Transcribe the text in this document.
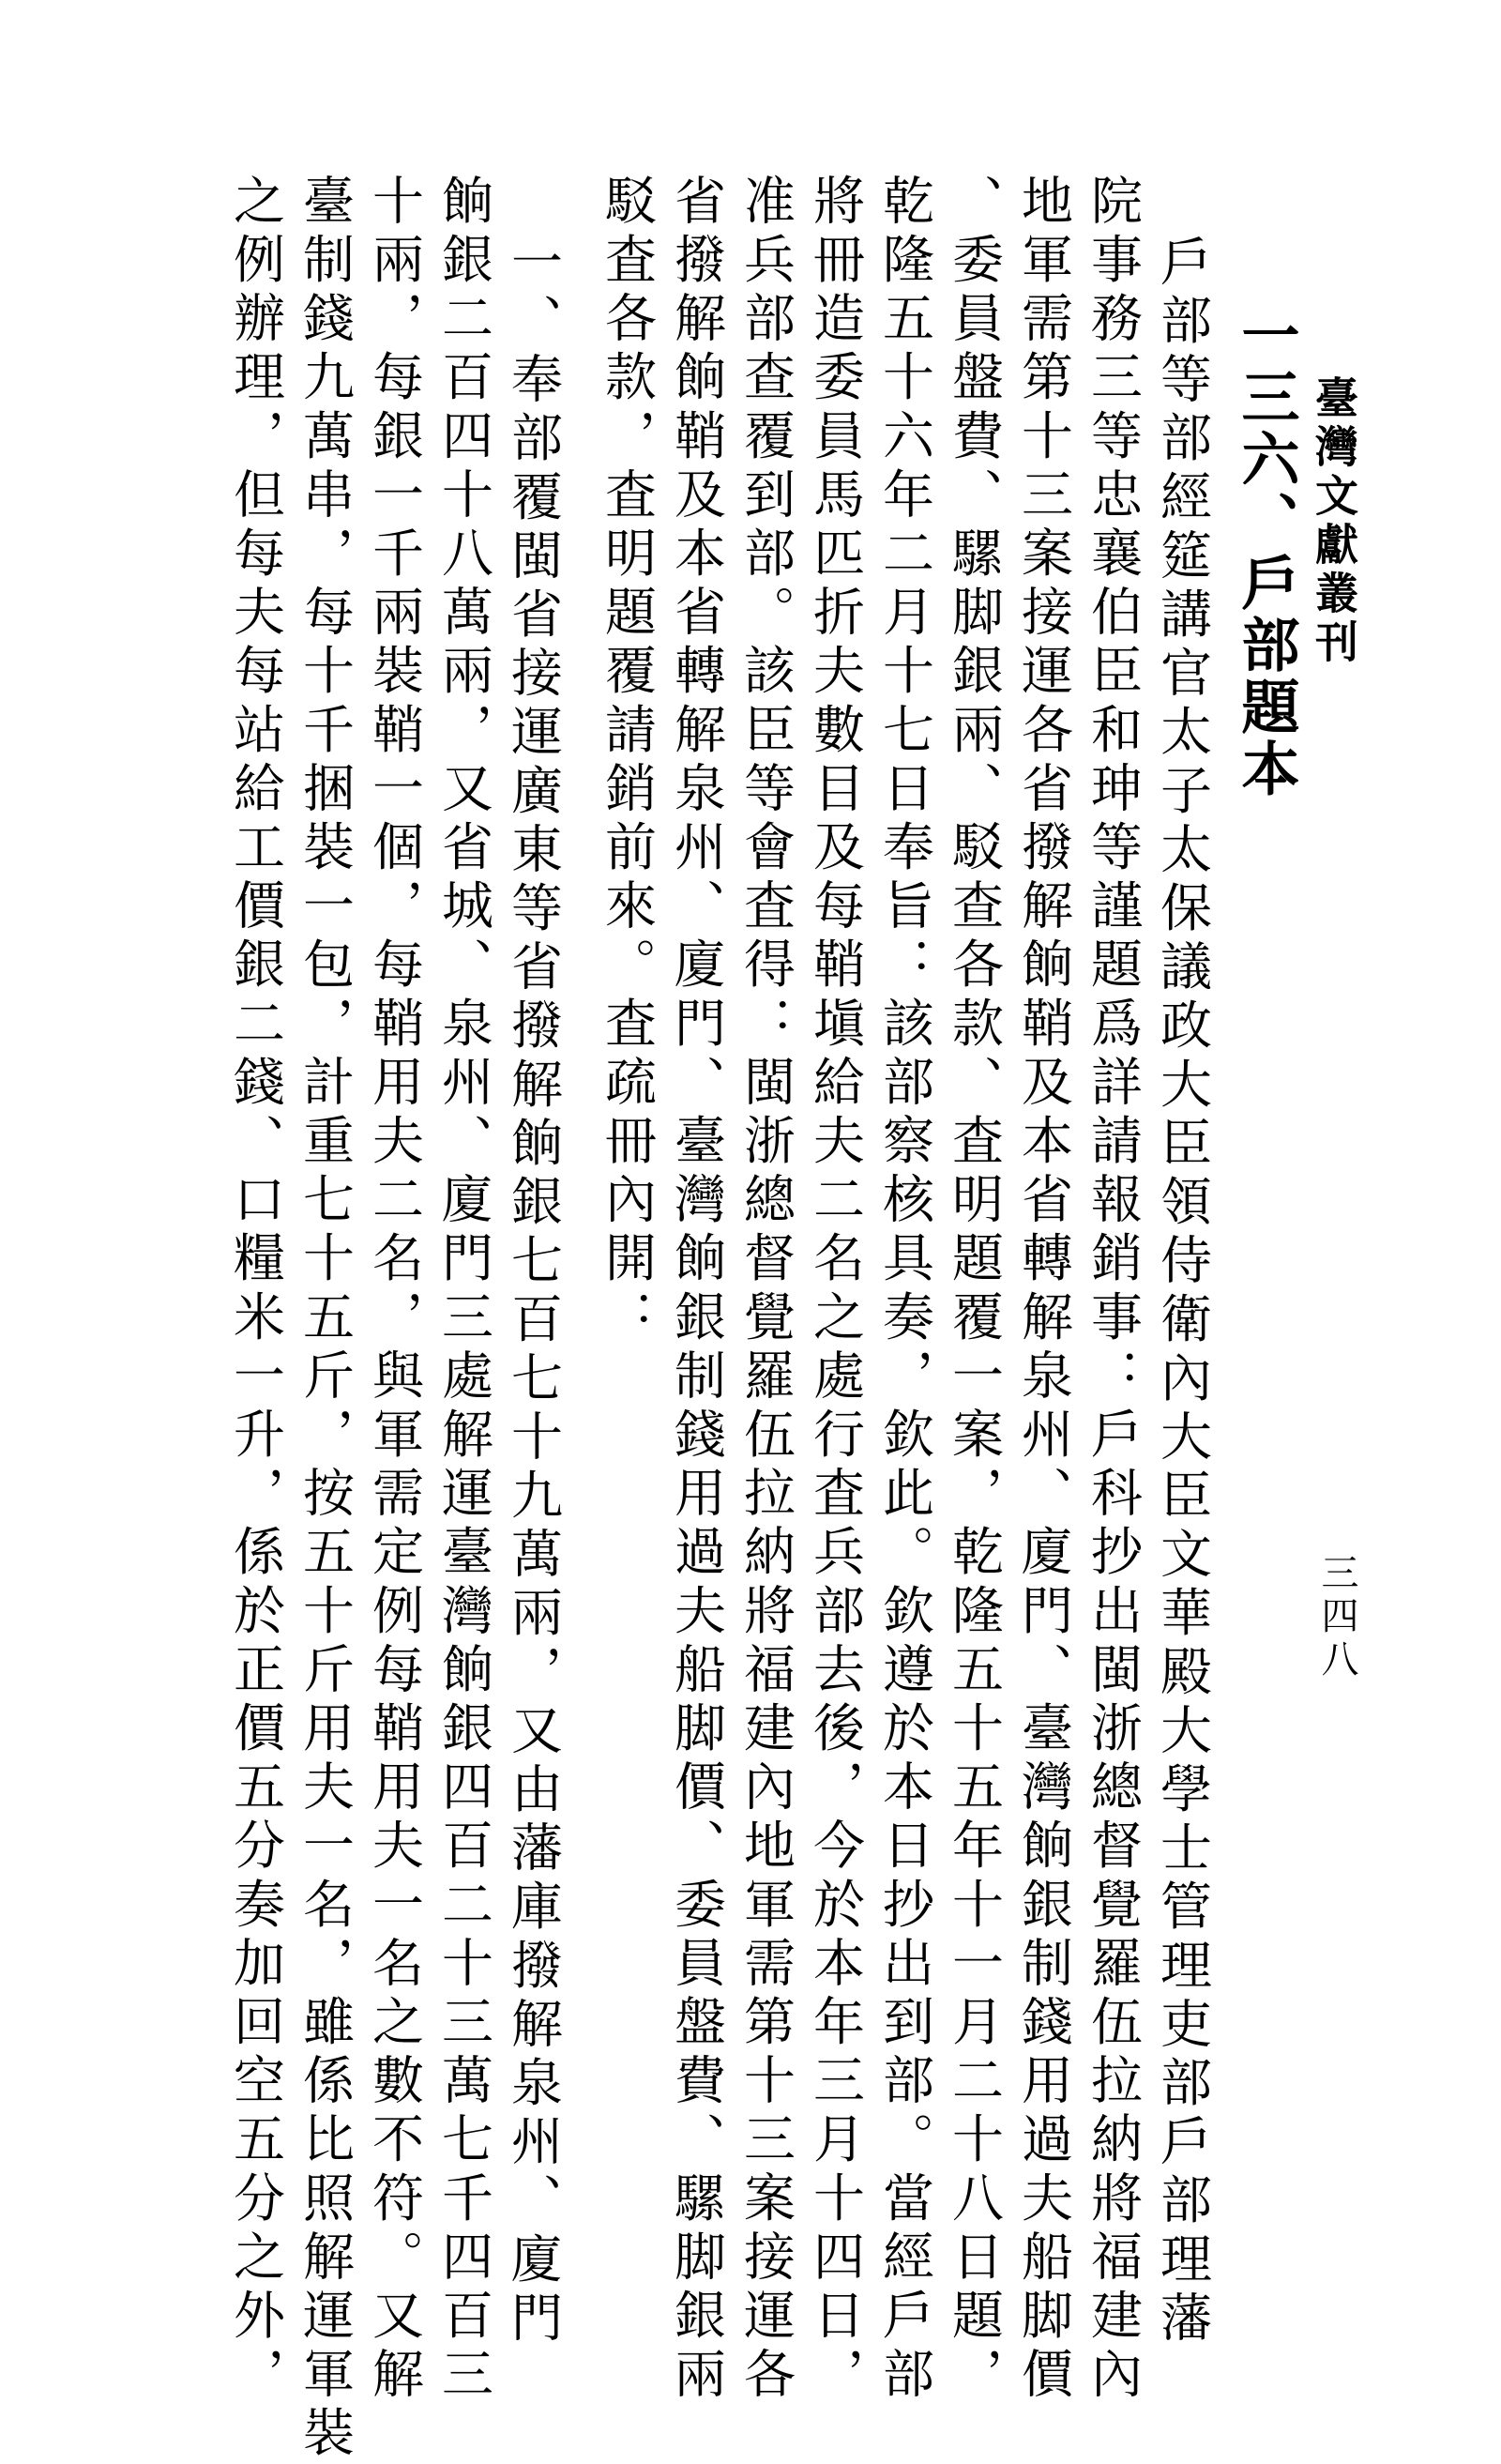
臺灣文獻叢刊
三四八
一三六、戶部題本
戶部等部經筵講官太子太保議政大臣領侍衛內大臣文華殿大學士管理吏部戶部理藩
院事務三等忠襄伯臣和珅等謹題爲詳請報銷事：戶科抄出閩浙總督覺羅伍拉納將福建內
地軍需第十三案接運各省撥解餉鞘及本省轉解泉州、廈門、臺灣餉銀制錢用過夫船脚價
、委員盤費、騾脚銀兩、駁查各款、査明題覆一案，乾隆五十五年十一月二十八日題，
乾隆五十六年二月十七日奉旨：該部察核具奏，欽此。欽遵於本日抄出到部。當經戶部
將冊造委員馬匹折夫數目及每鞘塡給夫二名之處行査兵部去後，今於本年三月十四日，
准兵部查覆到部。該臣等會査得：閩浙總督覺羅伍拉納將福建內地軍需第十三案接運各
省撥解餉鞘及本省轉解泉州、廈門、臺灣餉銀制錢用過夫船脚價、委員盤費、騾脚銀兩
駁査各款，査明題覆請銷前來。査疏冊內開：
一、奉部覆閩省接運廣東等省撥解餉銀七百七十九萬兩，又由藩庫撥解泉州、廈門
餉銀二百四十八萬兩，又省城、泉州、廈門三處解運臺灣餉銀四百二十三萬七千四百三
十兩，每銀一千兩裝鞘一個，每鞘用夫二名，與軍需定例每鞘用夫一名之數不符。又解
臺制錢九萬串，每十千捆裝一包，計重七十五斤，按五十斤用夫一名，雖係比照解運軍裝
之例辦理，但每夫每站給工價銀二錢、口糧米一升，係於正價五分奏加回空五分之外，
